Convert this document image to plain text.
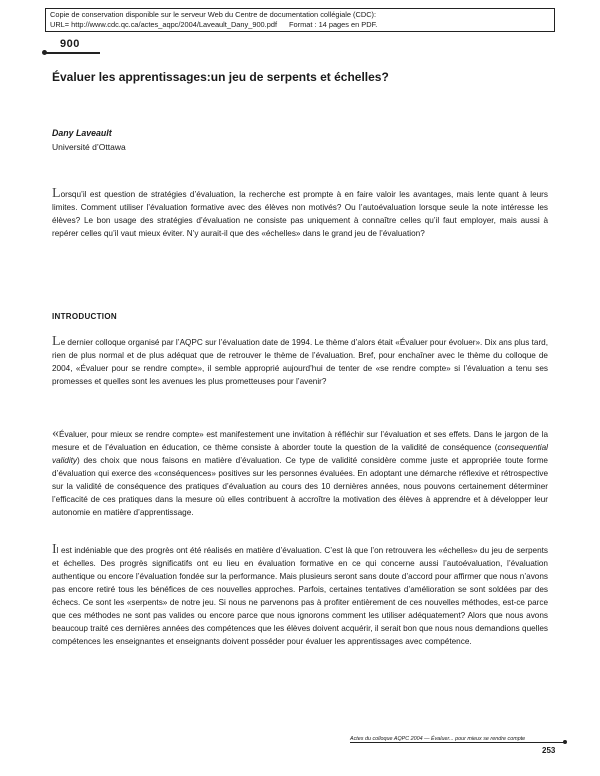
Copie de conservation disponible sur le serveur Web du Centre de documentation collégiale (CDC):
URL= http://www.cdc.qc.ca/actes_aqpc/2004/Laveault_Dany_900.pdf Format : 14 pages en PDF.
900
Évaluer les apprentissages:un jeu de serpents et échelles?
Dany Laveault
Université d’Ottawa

Lorsqu’il est question de stratégies d’évaluation, la recherche est prompte à en faire valoir les avantages, mais lente quant à leurs limites. Comment utiliser l’évaluation formative avec des élèves non motivés? Ou l’autoévaluation lorsque seule la note intéresse les élèves? Le bon usage des stratégies d’évaluation ne consiste pas uniquement à connaître celles qu’il faut employer, mais aussi à repérer celles qu’il vaut mieux éviter. N’y aurait-il que des «échelles» dans le grand jeu de l’évaluation?

INTRODUCTION

Le dernier colloque organisé par l’AQPC sur l’évaluation date de 1994. Le thème d’alors était «Évaluer pour évoluer». Dix ans plus tard, rien de plus normal et de plus adéquat que de retrouver le thème de l’évaluation. Bref, pour enchaîner avec le thème du colloque de 2004, «Évaluer pour se rendre compte», il semble approprié aujourd’hui de tenter de «se rendre compte» si l’évaluation a tenu ses promesses et quelles sont les avenues les plus prometteuses pour l’avenir?

«Évaluer, pour mieux se rendre compte» est manifestement une invitation à réfléchir sur l’évaluation et ses effets. Dans le jargon de la mesure et de l’évaluation en éducation, ce thème consiste à aborder toute la question de la validité de conséquence (consequential validity) des choix que nous faisons en matière d’évaluation. Ce type de validité considère comme juste et appropriée toute forme d’évaluation qui exerce des «conséquences» positives sur les personnes évaluées. En adoptant une démarche réflexive et rétrospective sur la validité de conséquence des pratiques d’évaluation au cours des 10 dernières années, nous pouvons certainement déterminer l’efficacité de ces pratiques dans la mesure où elles contribuent à accroître la motivation des élèves à apprendre et à développer leur autonomie en matière d’apprentissage.

Il est indéniable que des progrès ont été réalisés en matière d’évaluation. C’est là que l’on retrouvera les «échelles» du jeu de serpents et échelles. Des progrès significatifs ont eu lieu en évaluation formative en ce qui concerne aussi l’autoévaluation, l’évaluation authentique ou encore l’évaluation fondée sur la performance. Mais plusieurs seront sans doute d’accord pour affirmer que nous n’avons pas encore retiré tous les bénéfices de ces nouvelles approches. Parfois, certaines tentatives d’amélioration se sont soldées par des échecs. Ce sont les «serpents» de notre jeu. Si nous ne parvenons pas à profiter entièrement de ces nouvelles méthodes, est-ce parce que ces méthodes ne sont pas valides ou encore parce que nous ignorons comment les utiliser adéquatement? Alors que nous avons beaucoup traité ces dernières années des compétences que les élèves doivent acquérir, il serait bon que nous nous demandions quelles compétences les enseignantes et enseignants doivent posséder pour évaluer les apprentissages avec compétence.

Actes du colloque AQPC 2004 — Évaluer... pour mieux se rendre compte
253
